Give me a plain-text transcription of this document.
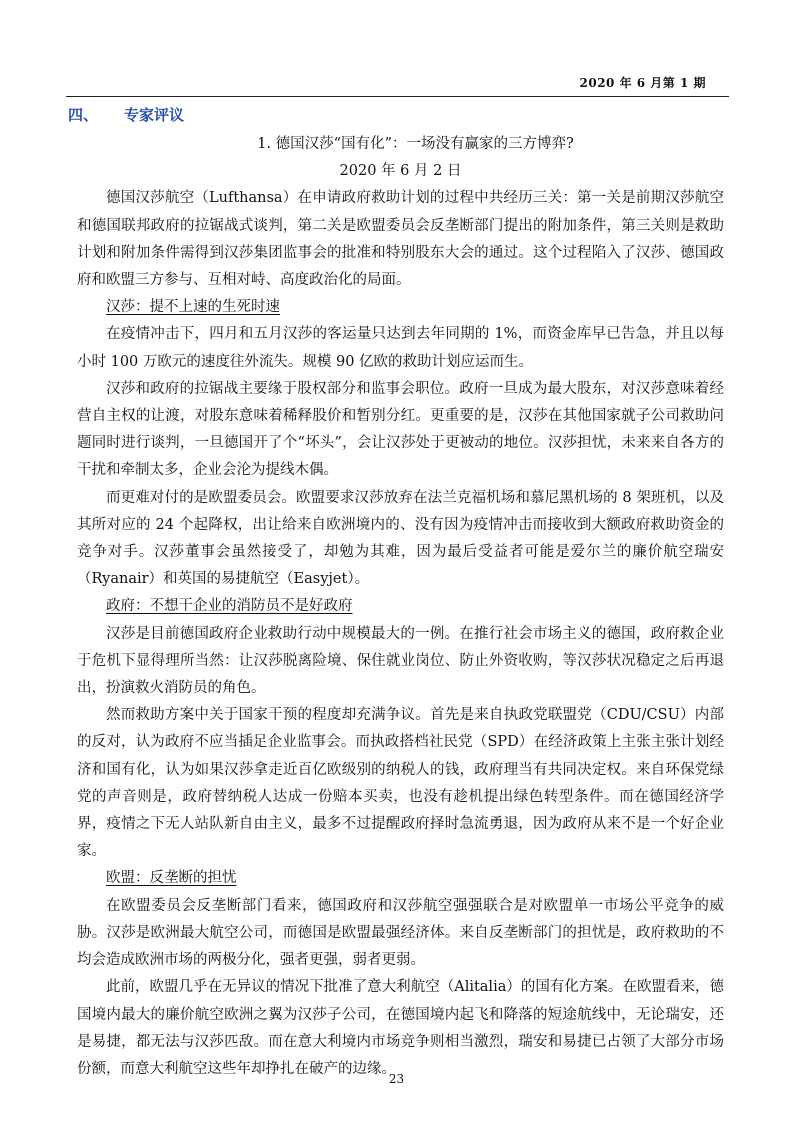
2020 年 6 月第 1 期
四、 专家评议
1. 德国汉莎“国有化”：一场没有赢家的三方博弈?
2020 年 6 月 2 日

德国汉莎航空（Lufthansa）在申请政府救助计划的过程中共经历三关：第一关是前期汉莎航空和德国联邦政府的拉锯战式谈判，第二关是欧盟委员会反垄断部门提出的附加条件，第三关则是救助计划和附加条件需得到汉莎集团监事会的批准和特别股东大会的通过。这个过程陷入了汉莎、德国政府和欧盟三方参与、互相对峙、高度政治化的局面。

汉莎：提不上速的生死时速

在疫情冲击下，四月和五月汉莎的客运量只达到去年同期的 1%，而资金库早已告急，并且以每小时 100 万欧元的速度往外流失。规模 90 亿欧的救助计划应运而生。

汉莎和政府的拉锯战主要缘于股权部分和监事会职位。政府一旦成为最大股东，对汉莎意味着经营自主权的让渡，对股东意味着稀释股价和暂别分红。更重要的是，汉莎在其他国家就子公司救助问题同时进行谈判，一旦德国开了个“坏头”，会让汉莎处于更被动的地位。汉莎担忧，未来来自各方的干扰和牵制太多，企业会沦为提线木偶。

而更难对付的是欧盟委员会。欧盟要求汉莎放弃在法兰克福机场和慕尼黑机场的 8 架班机，以及其所对应的 24 个起降权，出让给来自欧洲境内的、没有因为疫情冲击而接收到大额政府救助资金的竞争对手。汉莎董事会虽然接受了，却勉为其难，因为最后受益者可能是爱尔兰的廉价航空瑞安（Ryanair）和英国的易捷航空（Easyjet）。

政府：不想干企业的消防员不是好政府

汉莎是目前德国政府企业救助行动中规模最大的一例。在推行社会市场主义的德国，政府救企业于危机下显得理所当然：让汉莎脱离险境、保住就业岗位、防止外资收购，等汉莎状况稳定之后再退出，扮演救火消防员的角色。

然而救助方案中关于国家干预的程度却充满争议。首先是来自执政党联盟党（CDU/CSU）内部的反对，认为政府不应当插足企业监事会。而执政搭档社民党（SPD）在经济政策上主张主张计划经济和国有化，认为如果汉莎拿走近百亿欧级别的纳税人的钱，政府理当有共同决定权。来自环保党绿党的声音则是，政府替纳税人达成一份赔本买卖，也没有趁机提出绿色转型条件。而在德国经济学界，疫情之下无人站队新自由主义，最多不过提醒政府择时急流勇退，因为政府从来不是一个好企业家。

欧盟：反垄断的担忧

在欧盟委员会反垄断部门看来，德国政府和汉莎航空强强联合是对欧盟单一市场公平竞争的威胁。汉莎是欧洲最大航空公司，而德国是欧盟最强经济体。来自反垄断部门的担忧是，政府救助的不均会造成欧洲市场的两极分化，强者更强，弱者更弱。

此前，欧盟几乎在无异议的情况下批准了意大利航空（Alitalia）的国有化方案。在欧盟看来，德国境内最大的廉价航空欧洲之翼为汉莎子公司，在德国境内起飞和降落的短途航线中，无论瑞安，还是易捷，都无法与汉莎匹敌。而在意大利境内市场竞争则相当激烈，瑞安和易捷已占领了大部分市场份额，而意大利航空这些年却挣扎在破产的边缘。

23
